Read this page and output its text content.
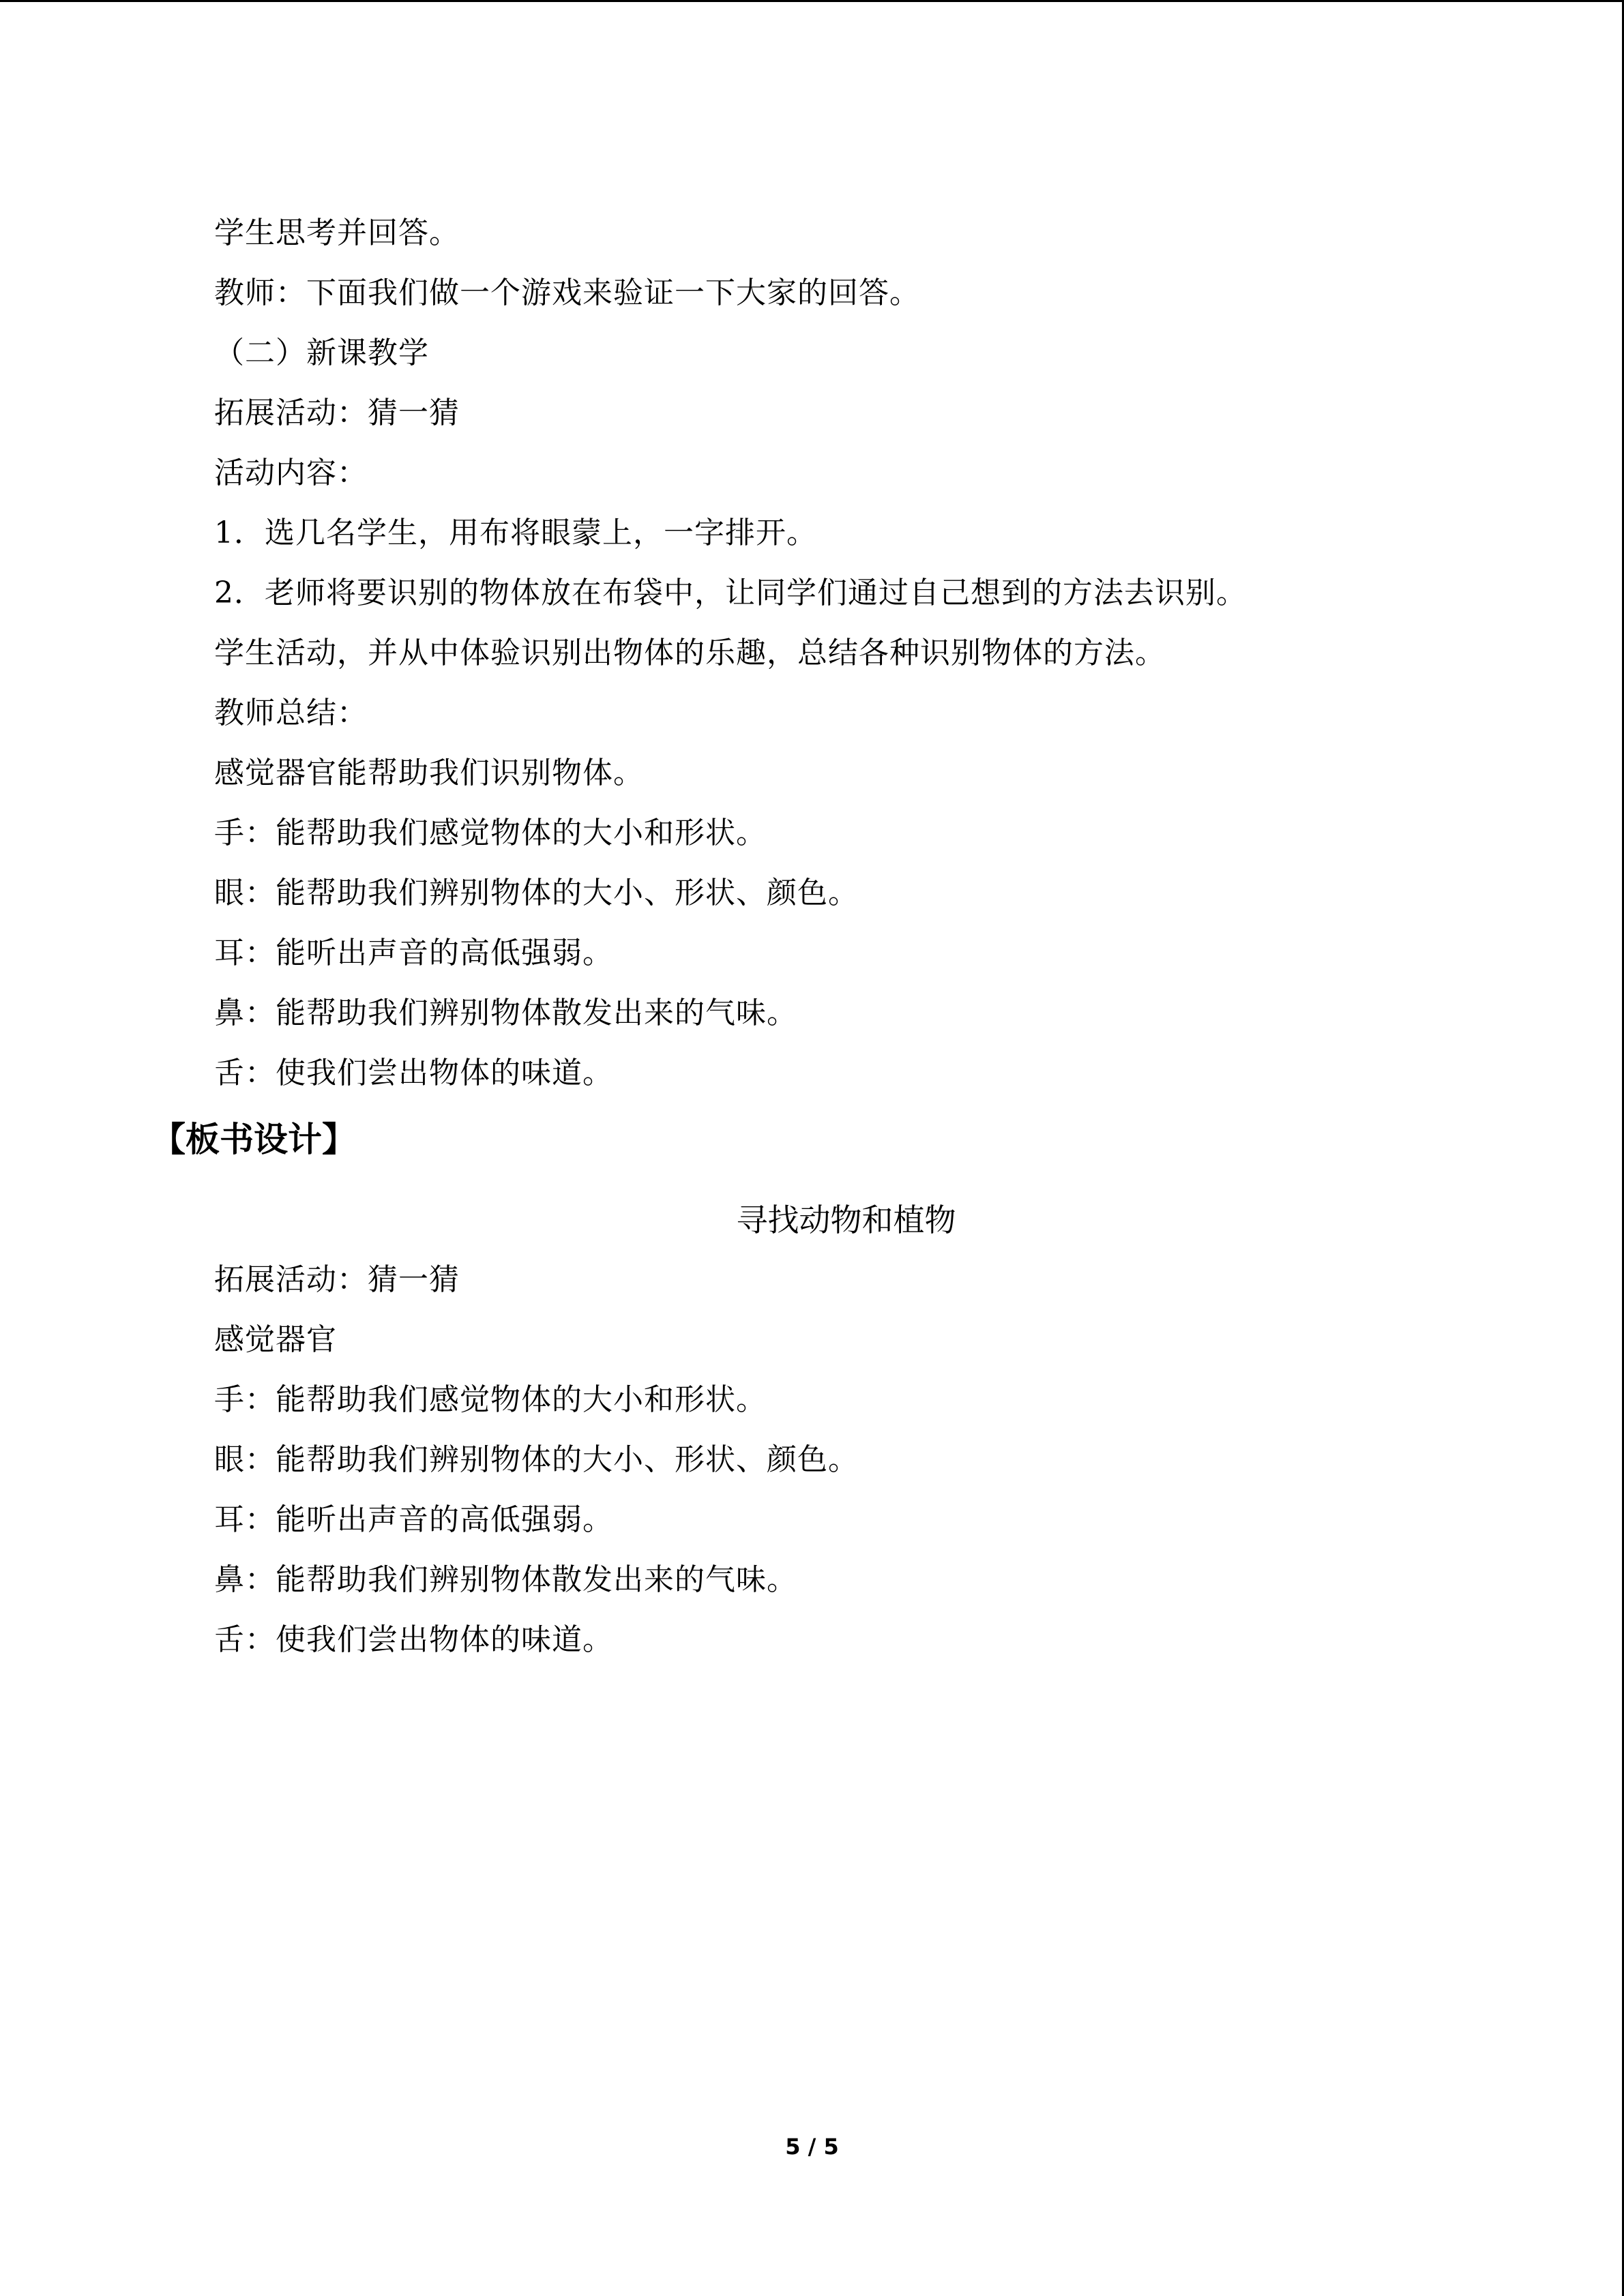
学生思考并回答。
教师：下面我们做一个游戏来验证一下大家的回答。
（二）新课教学
拓展活动：猜一猜
活动内容：
1．选几名学生，用布将眼蒙上，一字排开。
2．老师将要识别的物体放在布袋中，让同学们通过自己想到的方法去识别。
学生活动，并从中体验识别出物体的乐趣，总结各种识别物体的方法。
教师总结：
感觉器官能帮助我们识别物体。
手：能帮助我们感觉物体的大小和形状。
眼：能帮助我们辨别物体的大小、形状、颜色。
耳：能听出声音的高低强弱。
鼻：能帮助我们辨别物体散发出来的气味。
舌：使我们尝出物体的味道。
【板书设计】
寻找动物和植物
拓展活动：猜一猜
感觉器官
手：能帮助我们感觉物体的大小和形状。
眼：能帮助我们辨别物体的大小、形状、颜色。
耳：能听出声音的高低强弱。
鼻：能帮助我们辨别物体散发出来的气味。
舌：使我们尝出物体的味道。
5 / 5
